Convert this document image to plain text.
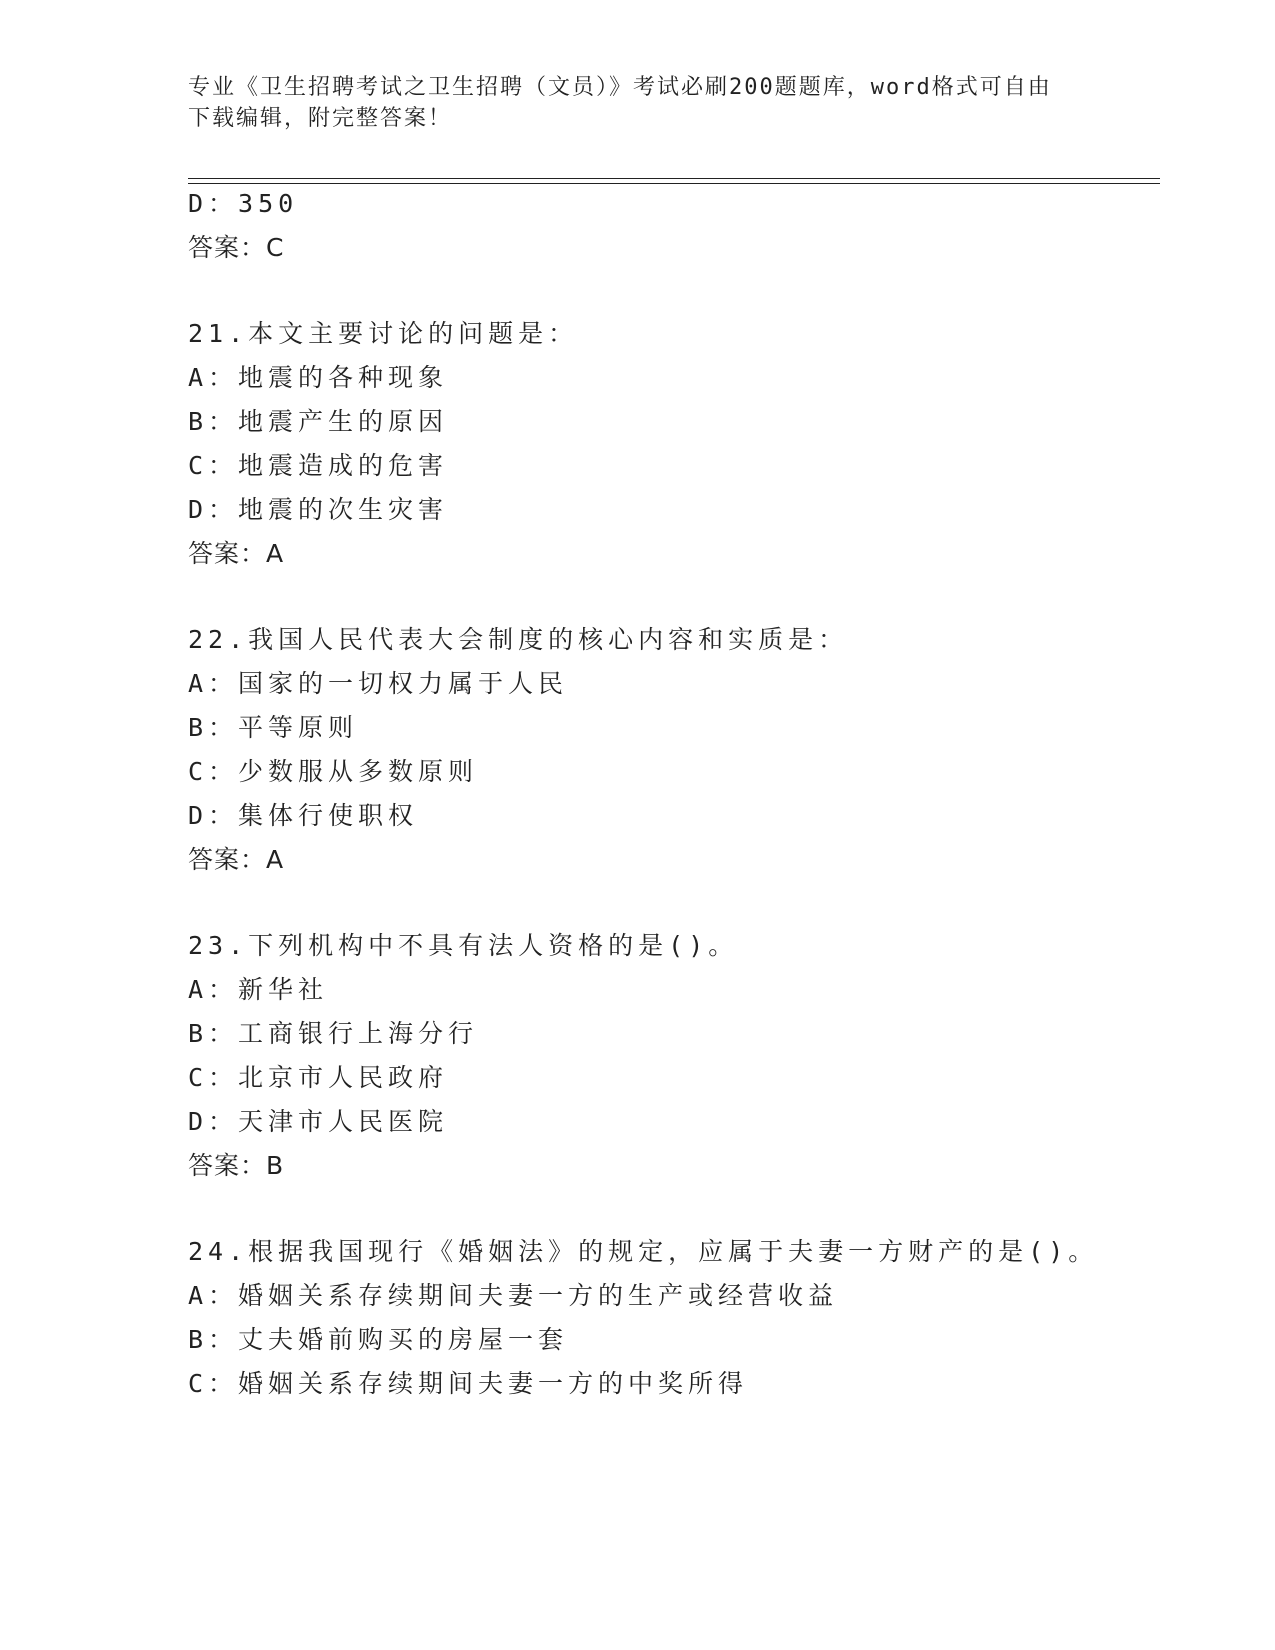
专业《卫生招聘考试之卫生招聘（文员）》考试必刷200题题库，word格式可自由下载编辑，附完整答案！
D：350
答案：C
21.本文主要讨论的问题是：
A：地震的各种现象
B：地震产生的原因
C：地震造成的危害
D：地震的次生灾害
答案：A
22.我国人民代表大会制度的核心内容和实质是：
A：国家的一切权力属于人民
B：平等原则
C：少数服从多数原则
D：集体行使职权
答案：A
23.下列机构中不具有法人资格的是()。
A：新华社
B：工商银行上海分行
C：北京市人民政府
D：天津市人民医院
答案：B
24.根据我国现行《婚姻法》的规定，应属于夫妻一方财产的是()。
A：婚姻关系存续期间夫妻一方的生产或经营收益
B：丈夫婚前购买的房屋一套
C：婚姻关系存续期间夫妻一方的中奖所得
